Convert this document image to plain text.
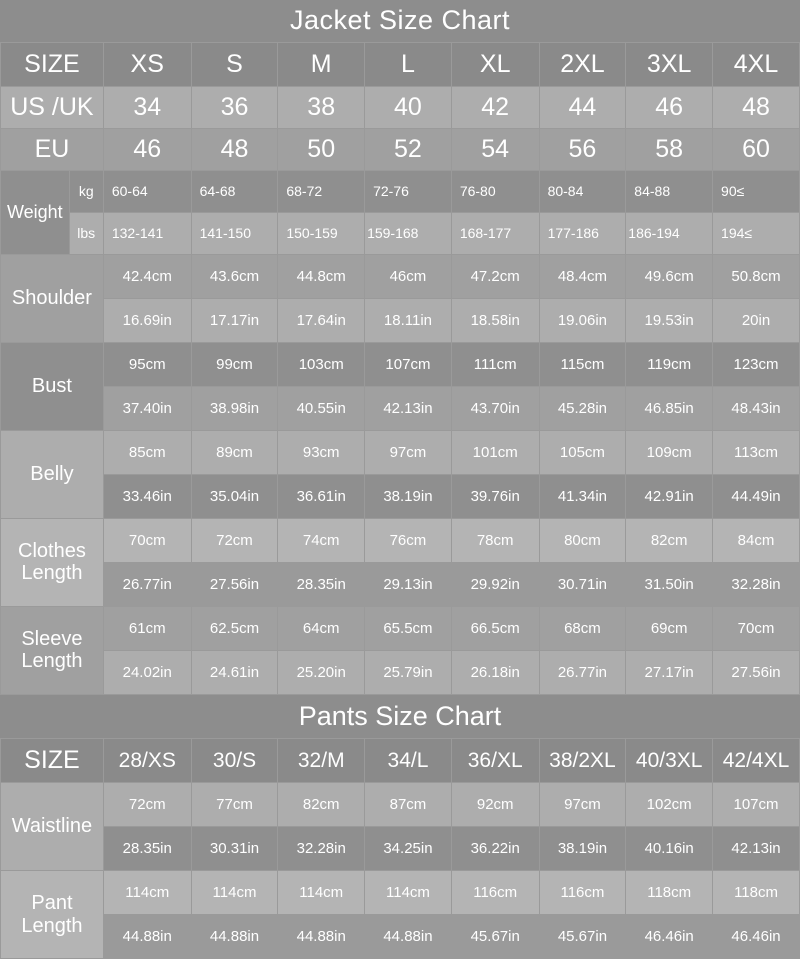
Jacket Size Chart									
SIZE		XS	S	M	L	XL	2XL	3XL	4XL
US /UK		34	36	38	40	42	44	46	48
EU		46	48	50	52	54	56	58	60
Weight	kg	60-64	64-68	68-72	72-76	76-80	80-84	84-88	90≤
	lbs	132-141	141-150	150-159	159-168	168-177	177-186	186-194	194≤
Shoulder		42.4cm	43.6cm	44.8cm	46cm	47.2cm	48.4cm	49.6cm	50.8cm
		16.69in	17.17in	17.64in	18.11in	18.58in	19.06in	19.53in	20in
Bust		95cm	99cm	103cm	107cm	111cm	115cm	119cm	123cm
		37.40in	38.98in	40.55in	42.13in	43.70in	45.28in	46.85in	48.43in
Belly		85cm	89cm	93cm	97cm	101cm	105cm	109cm	113cm
		33.46in	35.04in	36.61in	38.19in	39.76in	41.34in	42.91in	44.49in
Clothes Length		70cm	72cm	74cm	76cm	78cm	80cm	82cm	84cm
		26.77in	27.56in	28.35in	29.13in	29.92in	30.71in	31.50in	32.28in
Sleeve Length		61cm	62.5cm	64cm	65.5cm	66.5cm	68cm	69cm	70cm
		24.02in	24.61in	25.20in	25.79in	26.18in	26.77in	27.17in	27.56in
Pants Size Chart								
SIZE	28/XS	30/S	32/M	34/L	36/XL	38/2XL	40/3XL	42/4XL
Waistline	72cm	77cm	82cm	87cm	92cm	97cm	102cm	107cm
	28.35in	30.31in	32.28in	34.25in	36.22in	38.19in	40.16in	42.13in
Pant Length	114cm	114cm	114cm	114cm	116cm	116cm	118cm	118cm
	44.88in	44.88in	44.88in	44.88in	45.67in	45.67in	46.46in	46.46in
